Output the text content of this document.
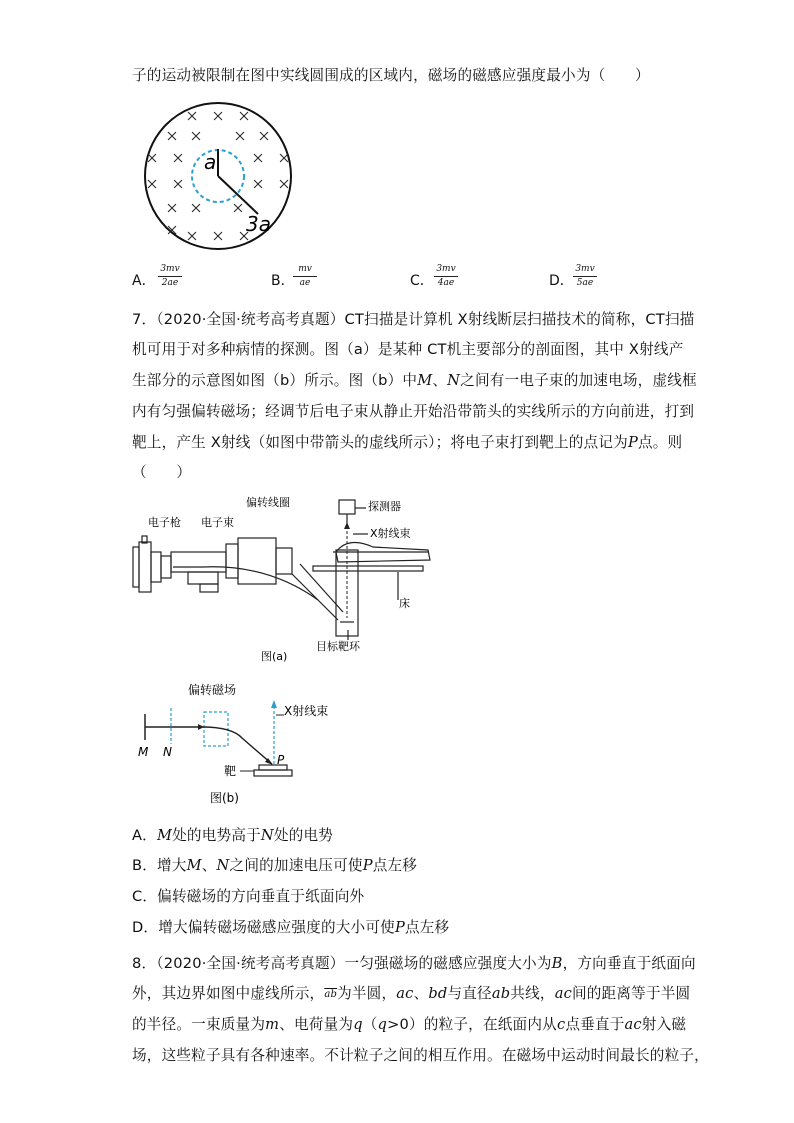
子的运动被限制在图中实线圆围成的区域内，磁场的磁感应强度最小为（　　）
a
3a
A．
3mv
2ae	B．
mv
ae	C．
3mv
4ae	D．
3mv
5ae
7．（2020·全国·统考高考真题）CT扫描是计算机 X射线断层扫描技术的简称，CT扫描
机可用于对多种病情的探测。图（a）是某种 CT机主要部分的剖面图，其中 X射线产
生部分的示意图如图（b）所示。图（b）中M、N之间有一电子束的加速电场，虚线框
内有匀强偏转磁场；经调节后电子束从静止开始沿带箭头的实线所示的方向前进，打到
靶上，产生 X射线（如图中带箭头的虚线所示）；将电子束打到靶上的点记为P点。则
（　　）
电子枪 电子束
偏转线圈	探测器
X射线束
床
目标靶环
图(a)
偏转磁场
X射线束
M N
P
靶
图(b)
A．M处的电势高于N处的电势
B．增大M、N之间的加速电压可使P点左移
C．偏转磁场的方向垂直于纸面向外
D．增大偏转磁场磁感应强度的大小可使P点左移
8．（2020·全国·统考高考真题）一匀强磁场的磁感应强度大小为B，方向垂直于纸面向
外，其边界如图中虚线所示，$\overline{ab}$为半圆，ac、bd与直径ab共线，ac间的距离等于半圆
的半径。一束质量为m、电荷量为q（q>0）的粒子，在纸面内从c点垂直于ac射入磁
场，这些粒子具有各种速率。不计粒子之间的相互作用。在磁场中运动时间最长的粒子，
